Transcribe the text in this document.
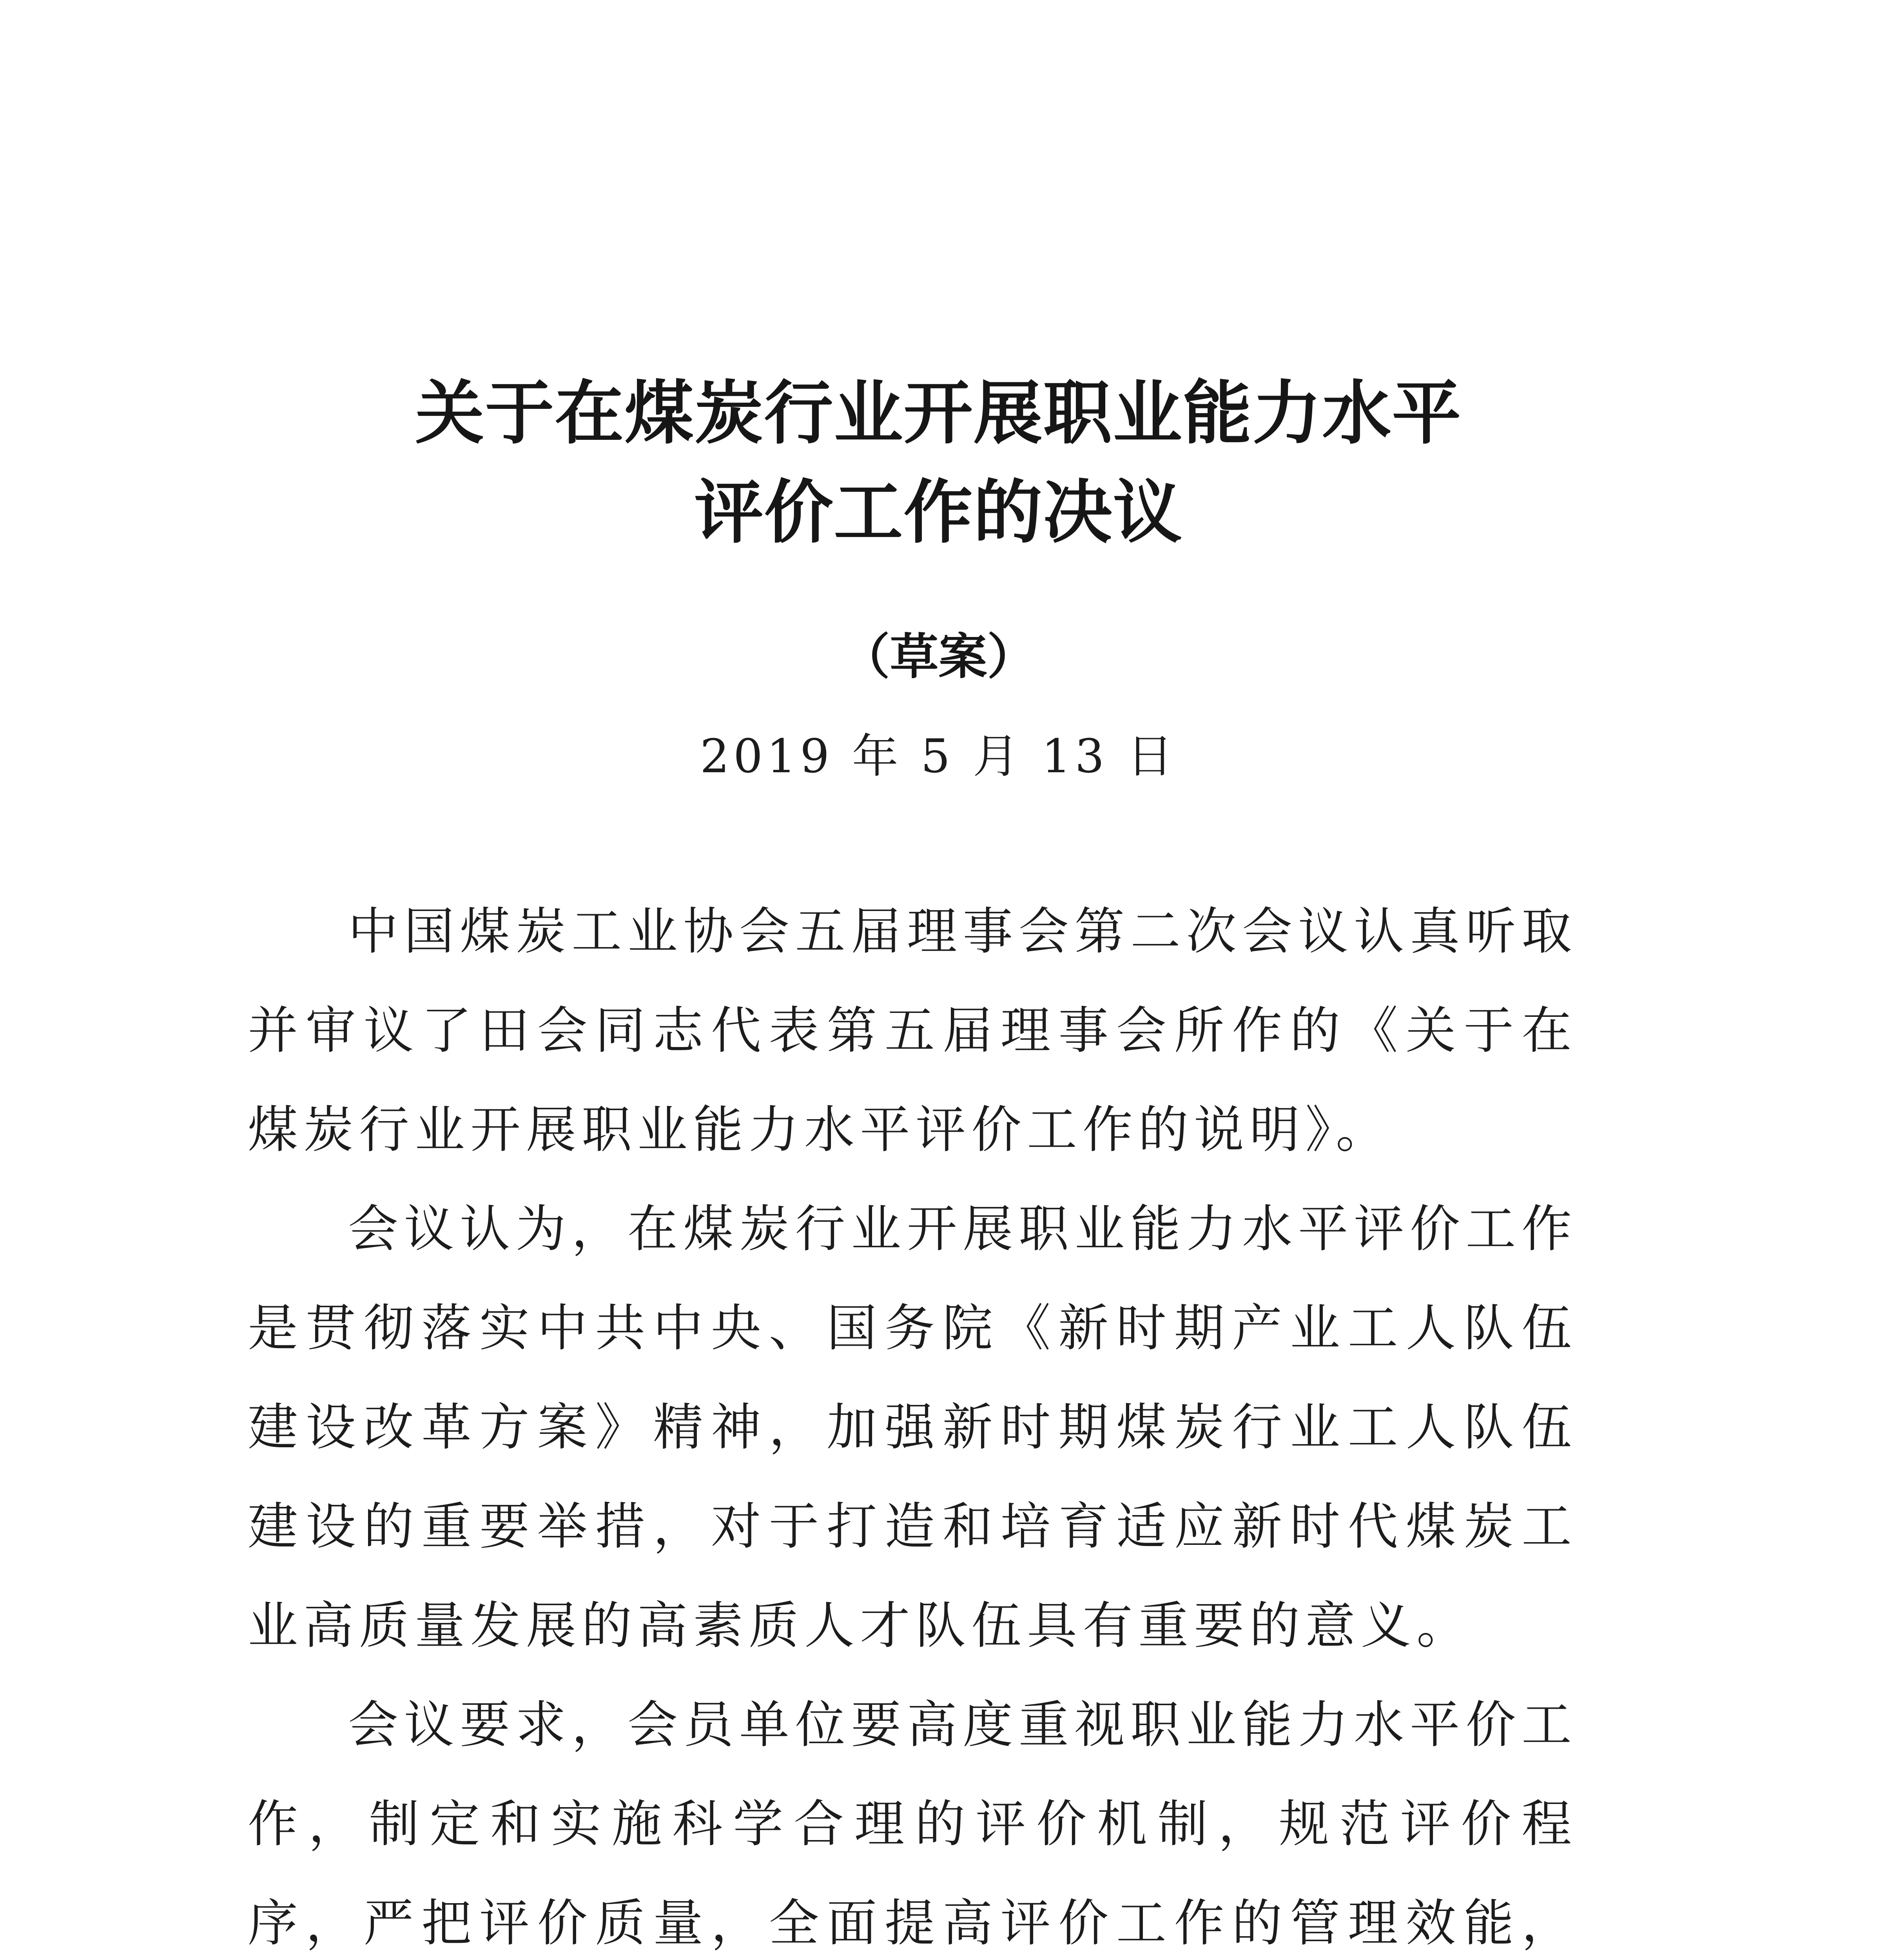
关于在煤炭行业开展职业能力水平
评价工作的决议
（草案）
2019 年 5 月 13 日

中国煤炭工业协会五届理事会第二次会议认真听取并审议了田会同志代表第五届理事会所作的《关于在煤炭行业开展职业能力水平评价工作的说明》。

会议认为，在煤炭行业开展职业能力水平评价工作是贯彻落实中共中央、国务院《新时期产业工人队伍建设改革方案》精神，加强新时期煤炭行业工人队伍建设的重要举措，对于打造和培育适应新时代煤炭工业高质量发展的高素质人才队伍具有重要的意义。

会议要求，会员单位要高度重视职业能力水平价工作，制定和实施科学合理的评价机制，规范评价程序，严把评价质量，全面提高评价工作的管理效能，
